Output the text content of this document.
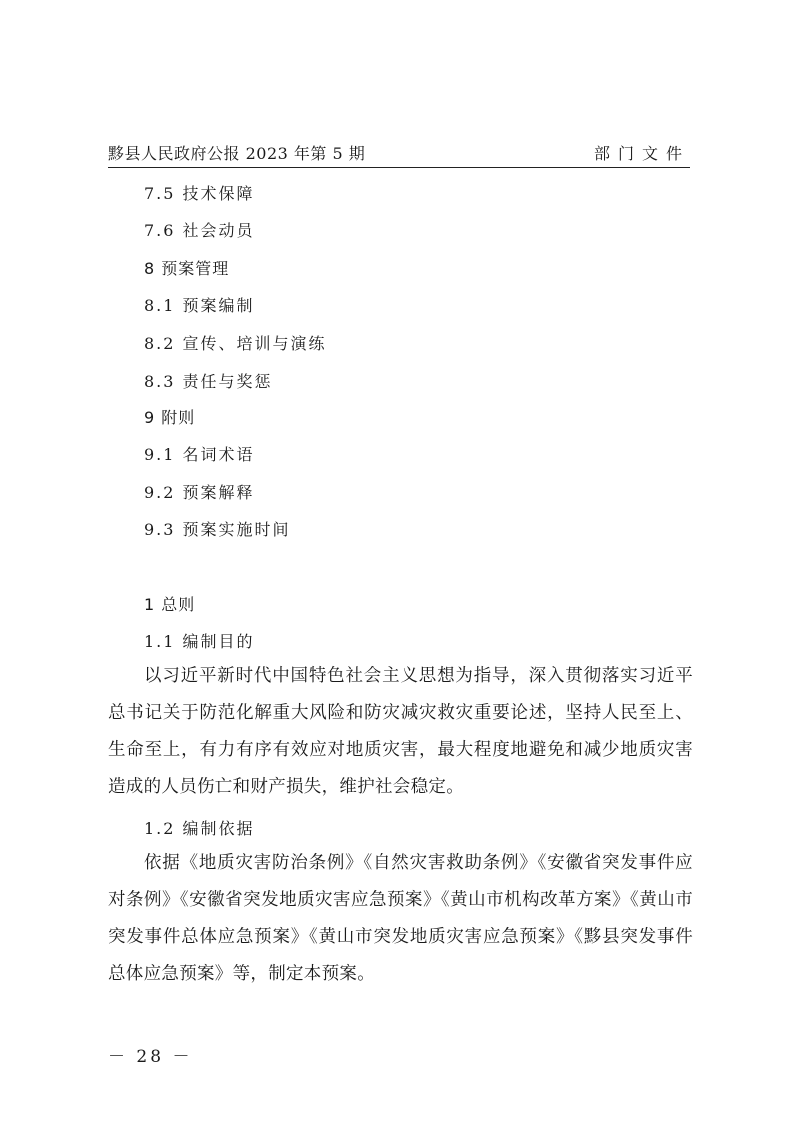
黟县人民政府公报 2023 年第 5 期	部门文件
7.5 技术保障
7.6 社会动员
8 预案管理
8.1 预案编制
8.2 宣传、培训与演练
8.3 责任与奖惩
9 附则
9.1 名词术语
9.2 预案解释
9.3 预案实施时间
1 总则
1.1 编制目的
以习近平新时代中国特色社会主义思想为指导，深入贯彻落实习近平总书记关于防范化解重大风险和防灾减灾救灾重要论述，坚持人民至上、生命至上，有力有序有效应对地质灾害，最大程度地避免和减少地质灾害造成的人员伤亡和财产损失，维护社会稳定。
1.2 编制依据
依据《地质灾害防治条例》《自然灾害救助条例》《安徽省突发事件应对条例》《安徽省突发地质灾害应急预案》《黄山市机构改革方案》《黄山市突发事件总体应急预案》《黄山市突发地质灾害应急预案》《黟县突发事件总体应急预案》等，制定本预案。
－ 28 －
